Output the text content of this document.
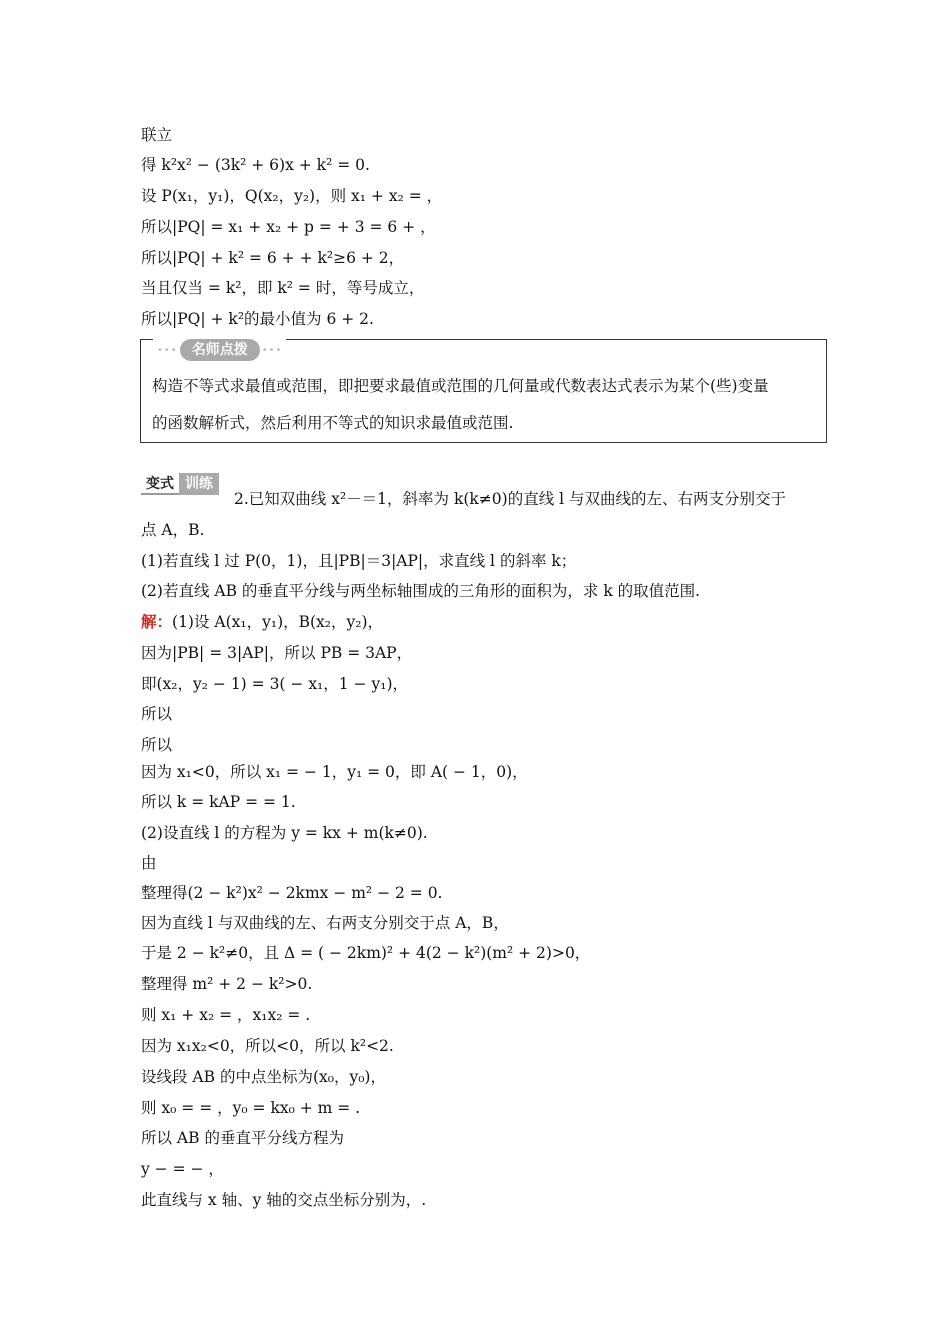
联立
得 k²x² − (3k² + 6)x + k² = 0.
设 P(x₁，y₁)，Q(x₂，y₂)，则 x₁ + x₂ = ，
所以|PQ| = x₁ + x₂ + p = + 3 = 6 + ，
所以|PQ| + k² = 6 + + k²≥6 + 2，
当且仅当 = k²，即 k² = 时，等号成立，
所以|PQ| + k²的最小值为 6 + 2.
•••	名师点拨	•••
构造不等式求最值或范围，即把要求最值或范围的几何量或代数表达式表示为某个(些)变量
的函数解析式，然后利用不等式的知识求最值或范围.
变式 训练
2.已知双曲线 x²－＝1，斜率为 k(k≠0)的直线 l 与双曲线的左、右两支分别交于
点 A，B.
(1)若直线 l 过 P(0，1)，且|PB|＝3|AP|，求直线 l 的斜率 k；
(2)若直线 AB 的垂直平分线与两坐标轴围成的三角形的面积为，求 k 的取值范围.
解：(1)设 A(x₁，y₁)，B(x₂，y₂)，
因为|PB| = 3|AP|，所以 PB = 3AP，
即(x₂，y₂ − 1) = 3( − x₁，1 − y₁)，
所以
所以
因为 x₁<0，所以 x₁ = − 1，y₁ = 0，即 A( − 1，0)，
所以 k = kAP = = 1.
(2)设直线 l 的方程为 y = kx + m(k≠0).
由
整理得(2 − k²)x² − 2kmx − m² − 2 = 0.
因为直线 l 与双曲线的左、右两支分别交于点 A，B，
于是 2 − k²≠0，且 Δ = ( − 2km)² + 4(2 − k²)(m² + 2)>0，
整理得 m² + 2 − k²>0.
则 x₁ + x₂ = ，x₁x₂ = .
因为 x₁x₂<0，所以<0，所以 k²<2.
设线段 AB 的中点坐标为(x₀，y₀)，
则 x₀ = = ，y₀ = kx₀ + m = .
所以 AB 的垂直平分线方程为
y − = − ，
此直线与 x 轴、y 轴的交点坐标分别为，.
